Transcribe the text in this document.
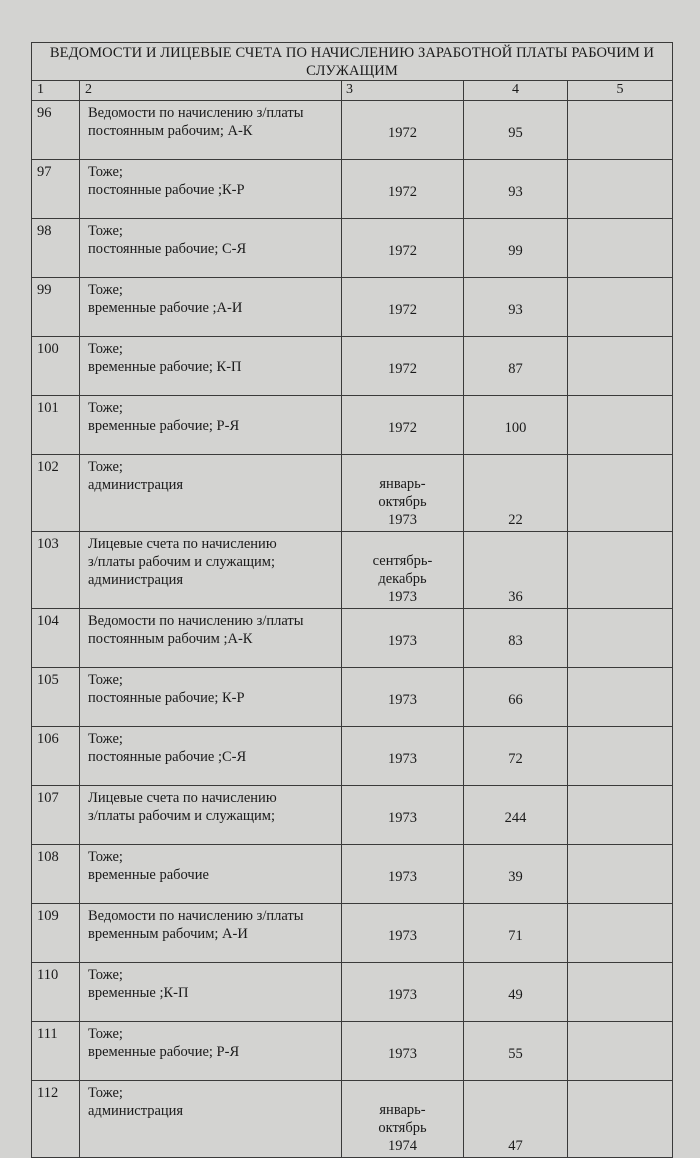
ВЕДОМОСТИ И ЛИЦЕВЫЕ СЧЕТА ПО НАЧИСЛЕНИЮ ЗАРАБОТНОЙ ПЛАТЫ РАБОЧИМ И СЛУЖАЩИМ				
1	2	3	4	5
96	Ведомости по начислению з/платы
постоянным рабочим; А-К	1972	95	

97	Тоже;
постоянные рабочие ;К-Р	1972	93	

98	Тоже;
постоянные рабочие; С-Я	1972	99	

99	Тоже;
временные рабочие ;А-И	1972	93	

100	Тоже;
временные рабочие; К-П	1972	87	

101	Тоже;
временные рабочие; Р-Я	1972	100	

102	Тоже;
администрация	январь-
октябрь
1973	22	

103	Лицевые счета по начислению
з/платы рабочим и служащим;
администрация	сентябрь-
декабрь
1973	36	

104	Ведомости по начислению з/платы
постоянным рабочим ;А-К	1973	83	

105	Тоже;
постоянные рабочие; К-Р	1973	66	

106	Тоже;
постоянные рабочие ;С-Я	1973	72	

107	Лицевые счета по начислению
з/платы рабочим и служащим;	1973	244	

108	Тоже;
временные рабочие	1973	39	

109	Ведомости по начислению з/платы
временным рабочим; А-И	1973	71	

110	Тоже;
временные ;К-П	1973	49	

111	Тоже;
временные рабочие; Р-Я	1973	55	

112	Тоже;
администрация	январь-
октябрь
1974	47	
